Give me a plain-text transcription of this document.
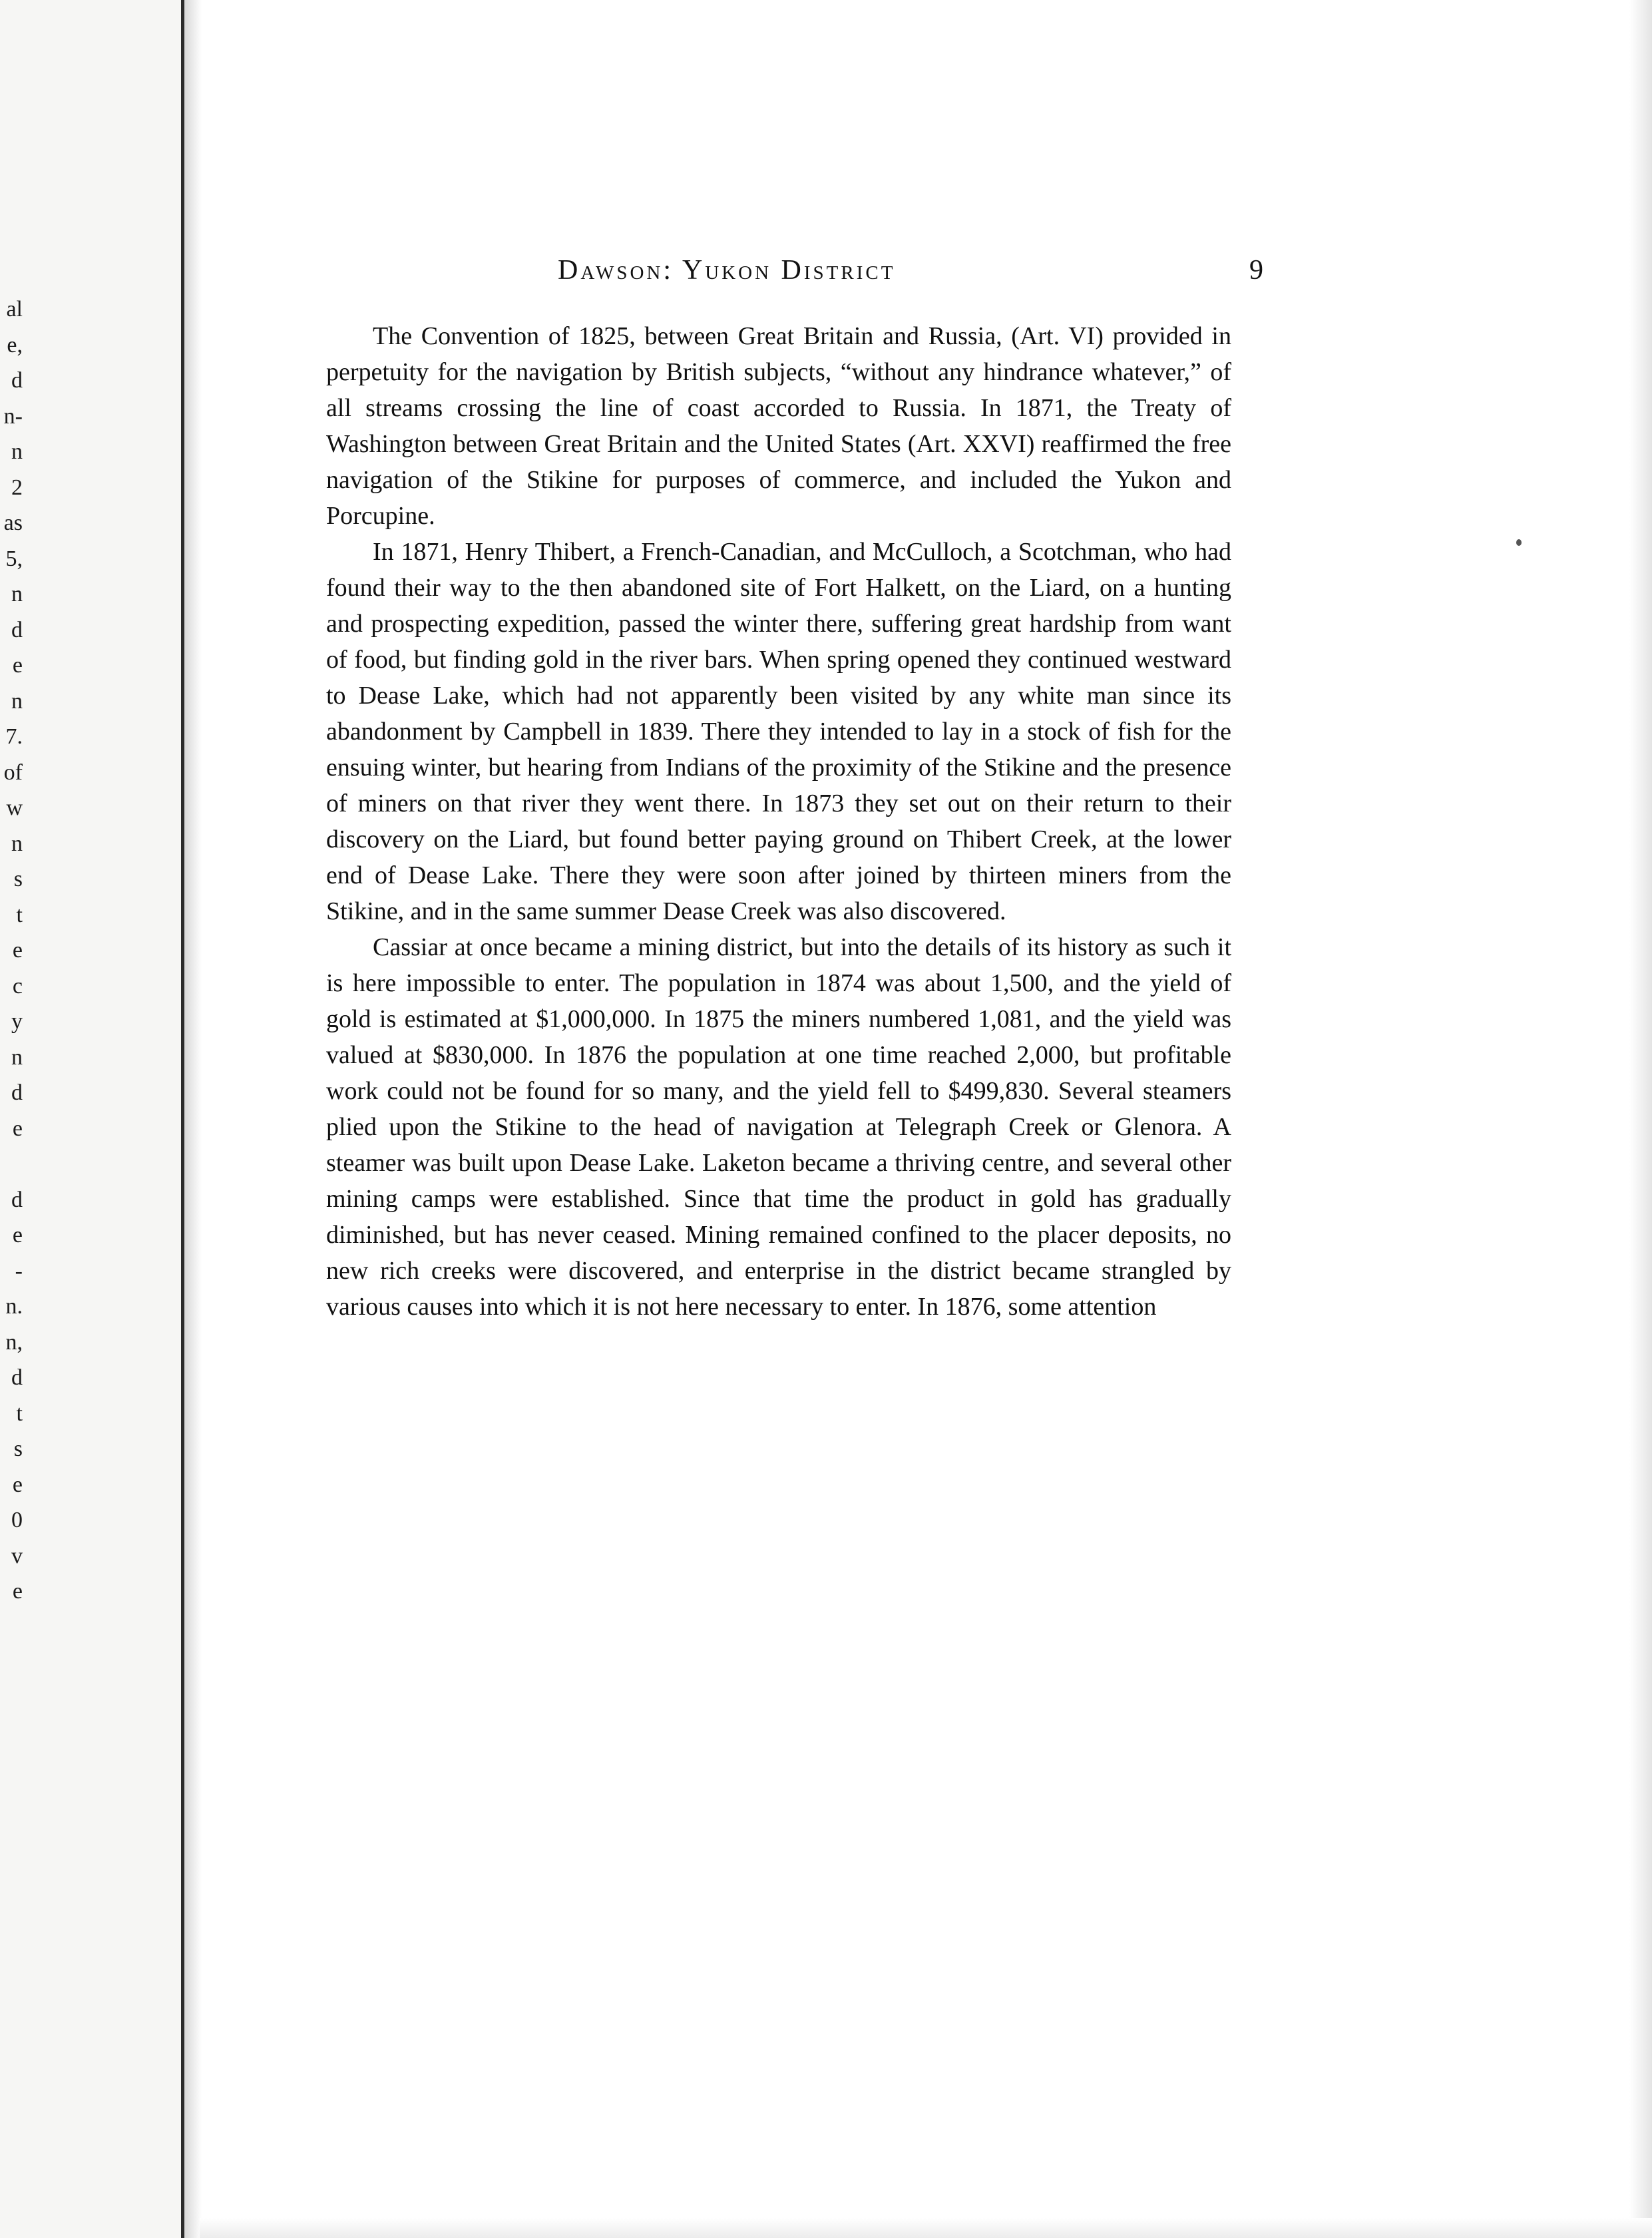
al
e,
d
n-
n
2
as
5,
n
d
e
n
7.
of
w
n
s
t
e
c
y
n
d
e
d
e
-
n.
n,
d
t
s
e
0
v
e
Dawson: Yukon District	9

The Convention of 1825, between Great Britain and Russia, (Art. VI) provided in perpetuity for the navigation by British subjects, “without any hindrance whatever,” of all streams crossing the line of coast accorded to Russia. In 1871, the Treaty of Washington between Great Britain and the United States (Art. XXVI) reaffirmed the free navigation of the Stikine for purposes of commerce, and included the Yukon and Porcupine.

In 1871, Henry Thibert, a French-Canadian, and McCulloch, a Scotchman, who had found their way to the then abandoned site of Fort Halkett, on the Liard, on a hunting and prospecting expedition, passed the winter there, suffering great hardship from want of food, but finding gold in the river bars. When spring opened they continued westward to Dease Lake, which had not apparently been visited by any white man since its abandonment by Campbell in 1839. There they intended to lay in a stock of fish for the ensuing winter, but hearing from Indians of the proximity of the Stikine and the presence of miners on that river they went there. In 1873 they set out on their return to their discovery on the Liard, but found better paying ground on Thibert Creek, at the lower end of Dease Lake. There they were soon after joined by thirteen miners from the Stikine, and in the same summer Dease Creek was also discovered.

Cassiar at once became a mining district, but into the details of its history as such it is here impossible to enter. The population in 1874 was about 1,500, and the yield of gold is estimated at $1,000,000. In 1875 the miners numbered 1,081, and the yield was valued at $830,000. In 1876 the population at one time reached 2,000, but profitable work could not be found for so many, and the yield fell to $499,830. Several steamers plied upon the Stikine to the head of navigation at Telegraph Creek or Glenora. A steamer was built upon Dease Lake. Laketon became a thriving centre, and several other mining camps were established. Since that time the product in gold has gradually diminished, but has never ceased. Mining remained confined to the placer deposits, no new rich creeks were discovered, and enterprise in the district became strangled by various causes into which it is not here necessary to enter. In 1876, some attention
